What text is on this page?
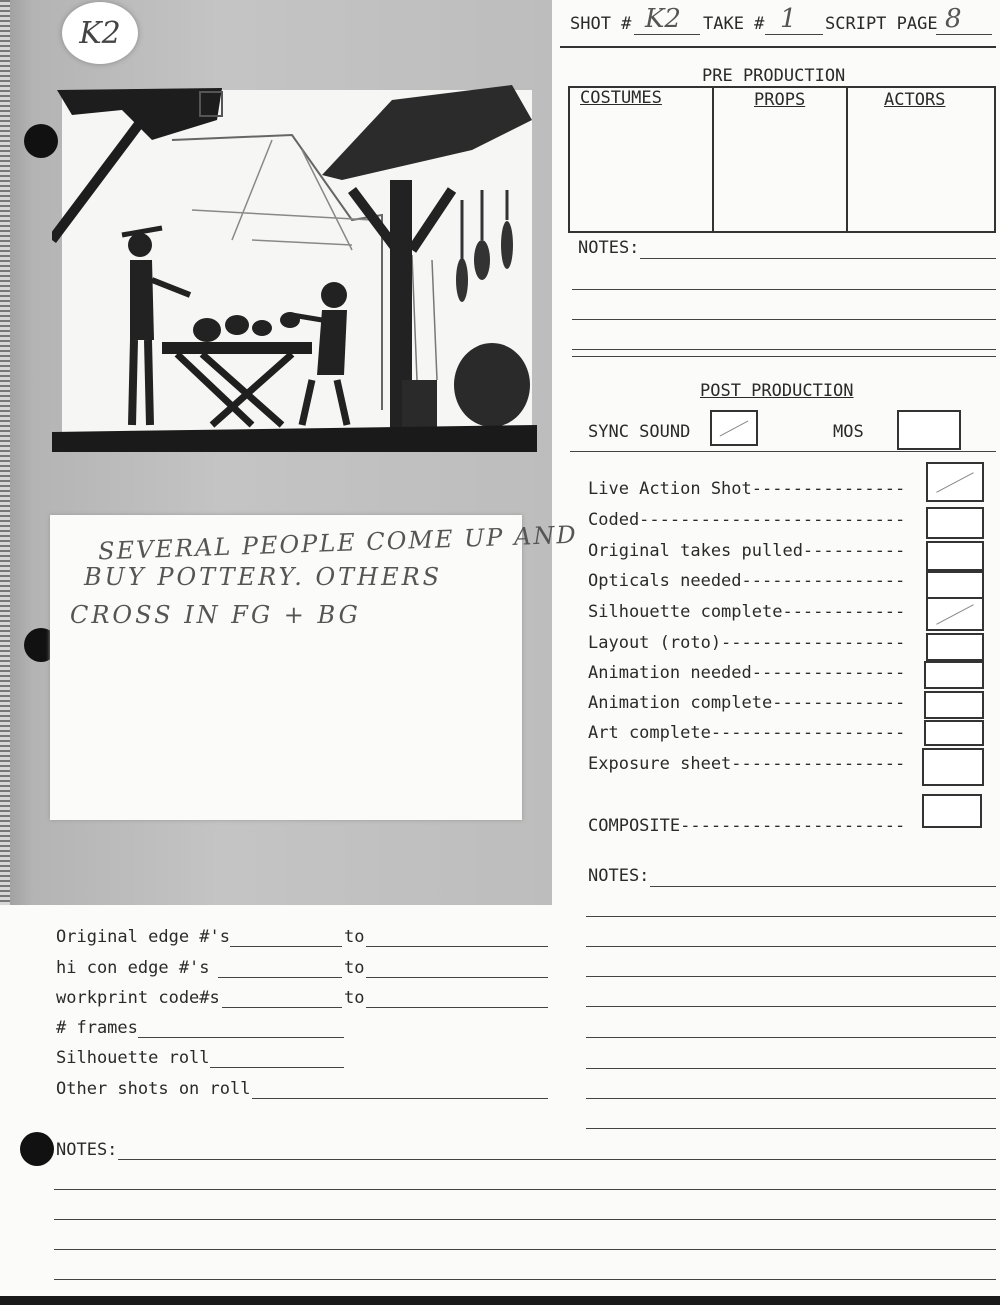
K2
SEVERAL PEOPLE COME UP AND
BUY POTTERY. OTHERS
CROSS IN FG + BG
SHOT # K2 TAKE # 1 SCRIPT PAGE 8
PRE PRODUCTION
COSTUMES	PROPS	ACTORS
NOTES:
POST PRODUCTION
SYNC SOUND	MOS
Live Action Shot---------------
Coded--------------------------
Original takes pulled----------
Opticals needed----------------
Silhouette complete------------
Layout (roto)------------------
Animation needed---------------
Animation complete-------------
Art complete-------------------
Exposure sheet-----------------
COMPOSITE----------------------
NOTES:
Original edge #'s	to
hi con edge #'s	to
workprint code#s	to
# frames
Silhouette roll
Other shots on roll
NOTES:
